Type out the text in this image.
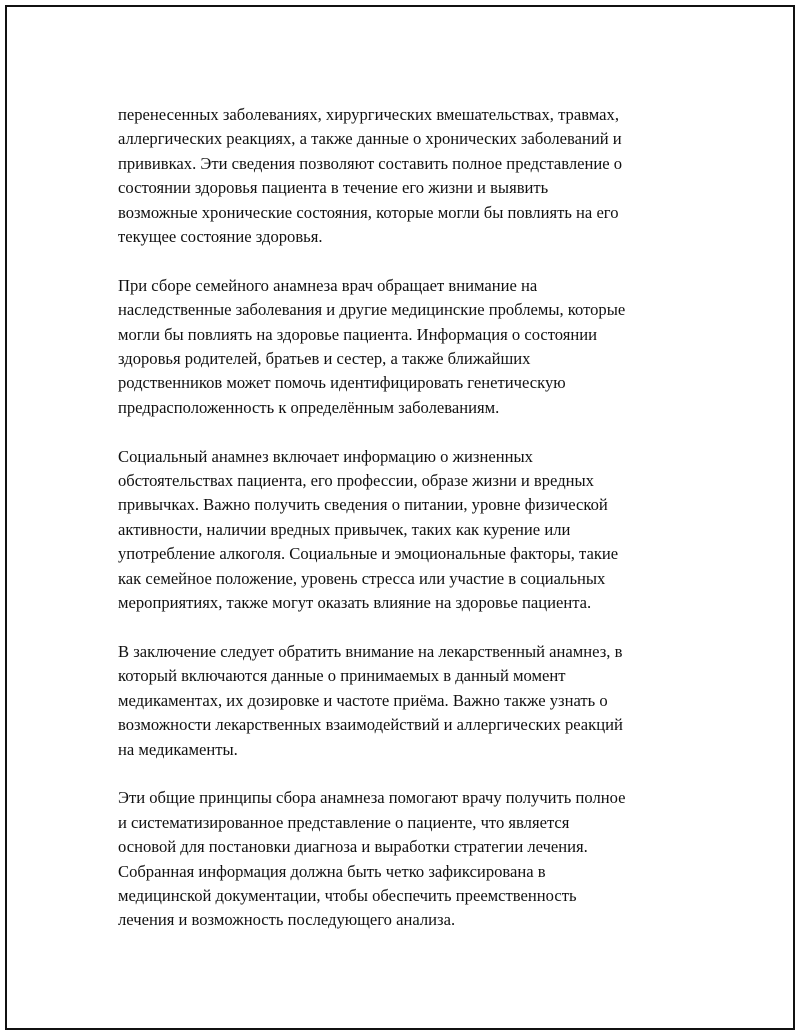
перенесенных заболеваниях, хирургических вмешательствах, травмах,
аллергических реакциях, а также данные о хронических заболеваний и
прививках. Эти сведения позволяют составить полное представление о
состоянии здоровья пациента в течение его жизни и выявить
возможные хронические состояния, которые могли бы повлиять на его
текущее состояние здоровья.

При сборе семейного анамнеза врач обращает внимание на
наследственные заболевания и другие медицинские проблемы, которые
могли бы повлиять на здоровье пациента. Информация о состоянии
здоровья родителей, братьев и сестер, а также ближайших
родственников может помочь идентифицировать генетическую
предрасположенность к определённым заболеваниям.

Социальный анамнез включает информацию о жизненных
обстоятельствах пациента, его профессии, образе жизни и вредных
привычках. Важно получить сведения о питании, уровне физической
активности, наличии вредных привычек, таких как курение или
употребление алкоголя. Социальные и эмоциональные факторы, такие
как семейное положение, уровень стресса или участие в социальных
мероприятиях, также могут оказать влияние на здоровье пациента.

В заключение следует обратить внимание на лекарственный анамнез, в
который включаются данные о принимаемых в данный момент
медикаментах, их дозировке и частоте приёма. Важно также узнать о
возможности лекарственных взаимодействий и аллергических реакций
на медикаменты.

Эти общие принципы сбора анамнеза помогают врачу получить полное
и систематизированное представление о пациенте, что является
основой для постановки диагноза и выработки стратегии лечения.
Собранная информация должна быть четко зафиксирована в
медицинской документации, чтобы обеспечить преемственность
лечения и возможность последующего анализа.
